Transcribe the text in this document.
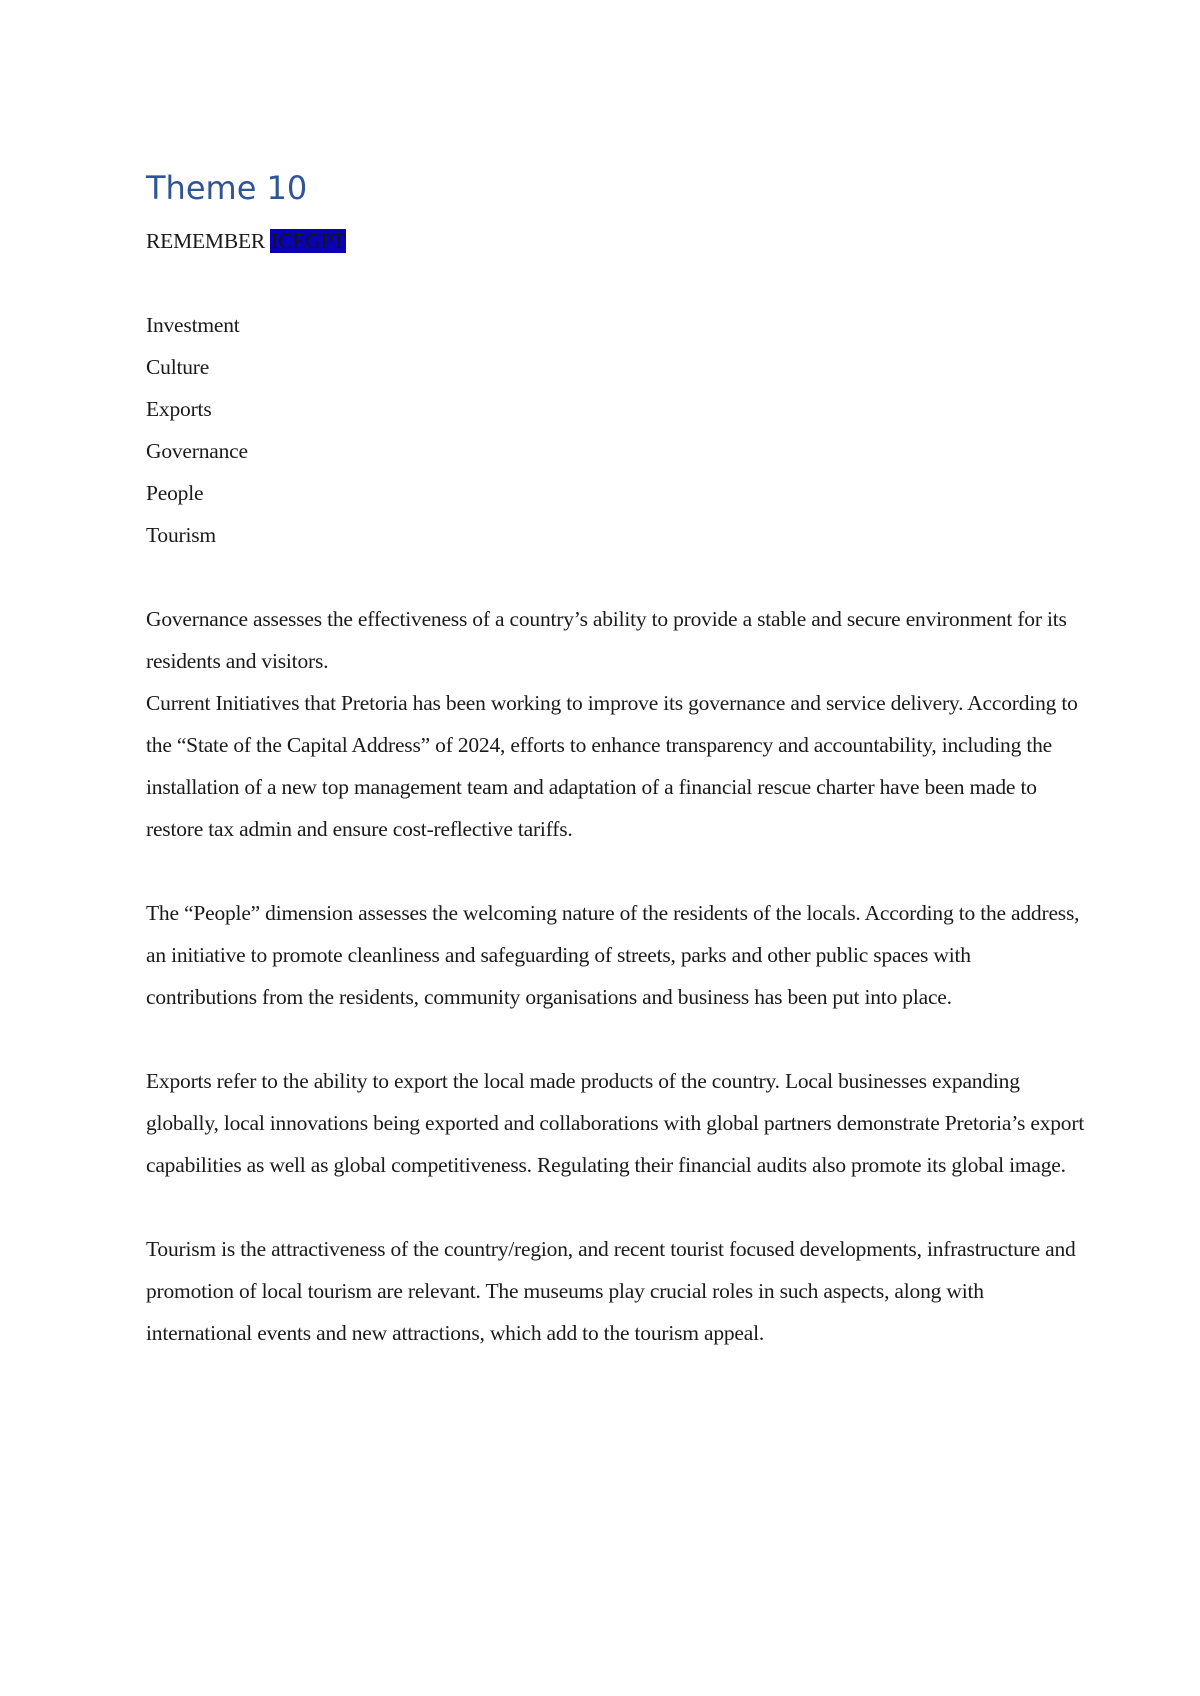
Theme 10

REMEMBER ICEGPT

Investment
Culture
Exports
Governance
People
Tourism

Governance assesses the effectiveness of a country’s ability to provide a stable and secure environment for its residents and visitors.

Current Initiatives that Pretoria has been working to improve its governance and service delivery. According to the “State of the Capital Address” of 2024, efforts to enhance transparency and accountability, including the installation of a new top management team and adaptation of a financial rescue charter have been made to restore tax admin and ensure cost-reflective tariffs.

The “People” dimension assesses the welcoming nature of the residents of the locals. According to the address, an initiative to promote cleanliness and safeguarding of streets, parks and other public spaces with contributions from the residents, community organisations and business has been put into place.

Exports refer to the ability to export the local made products of the country. Local businesses expanding globally, local innovations being exported and collaborations with global partners demonstrate Pretoria’s export capabilities as well as global competitiveness. Regulating their financial audits also promote its global image.

Tourism is the attractiveness of the country/region, and recent tourist focused developments, infrastructure and promotion of local tourism are relevant. The museums play crucial roles in such aspects, along with international events and new attractions, which add to the tourism appeal.
